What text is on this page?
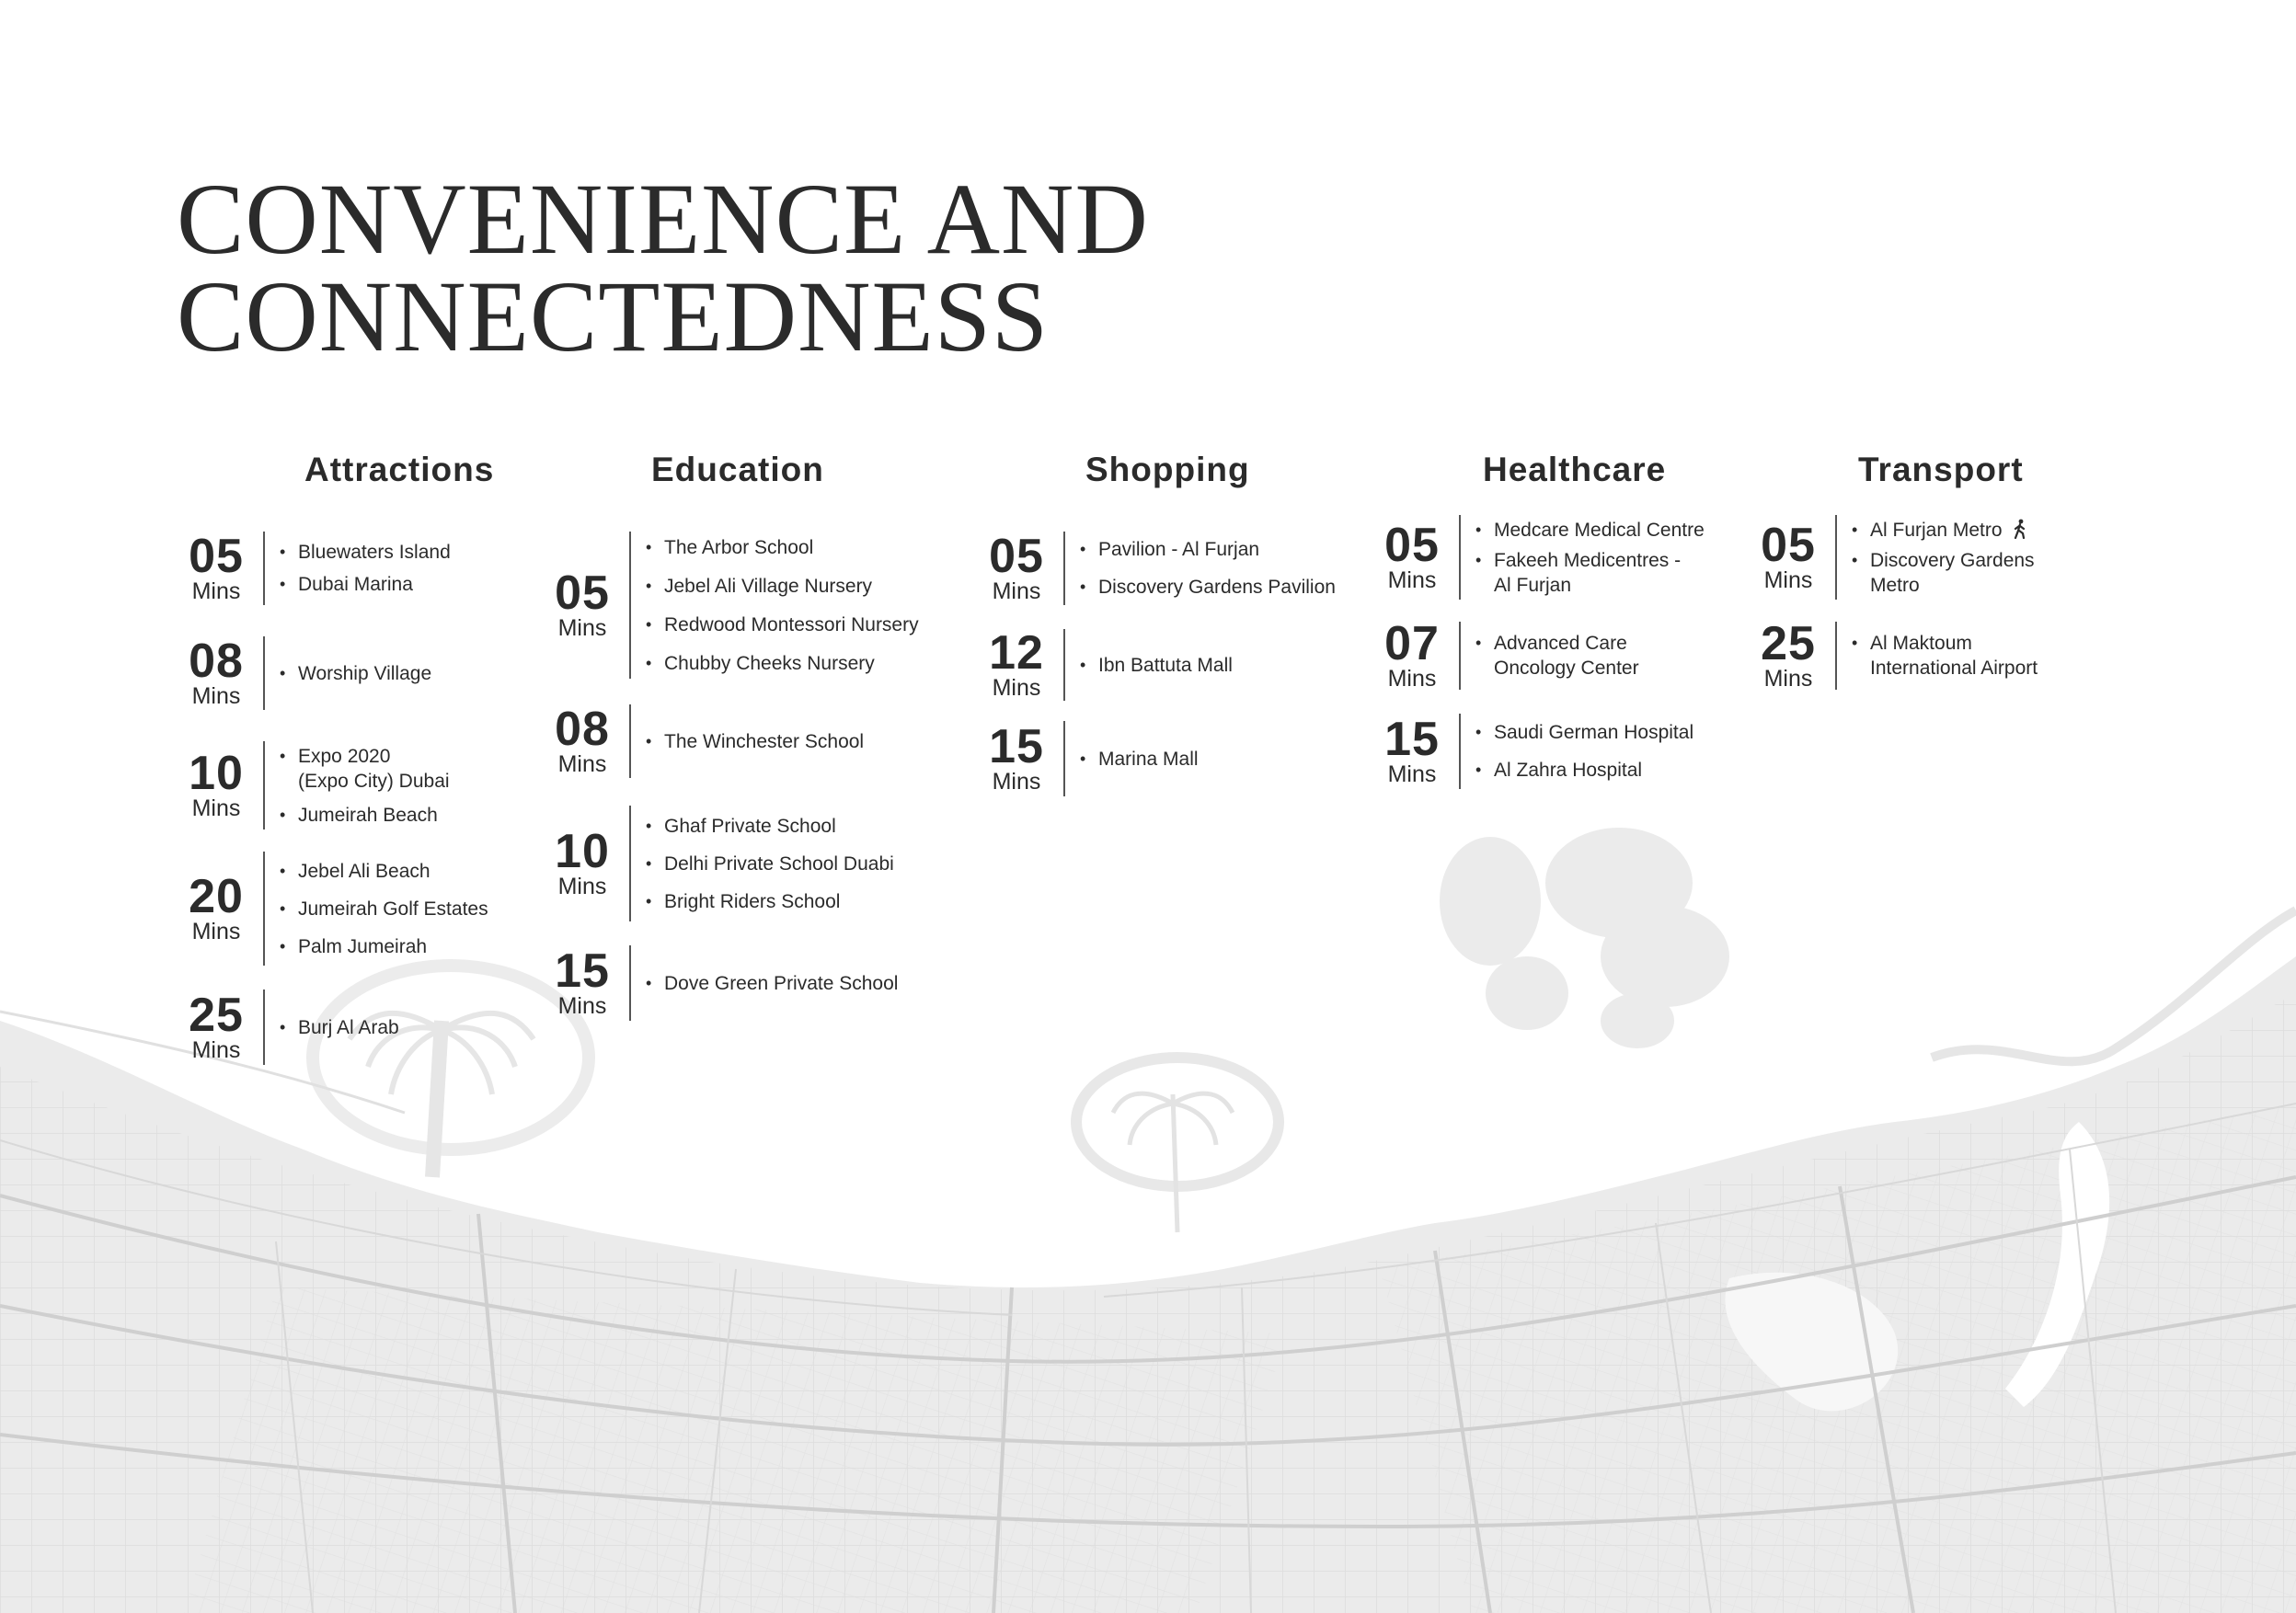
CONVENIENCE AND
CONNECTEDNESS
Attractions	Education	Shopping	Healthcare	Transport
05
Mins
• Bluewaters Island
• Dubai Marina
08
Mins
• Worship Village
10
Mins
• Expo 2020
(Expo City) Dubai
• Jumeirah Beach
20
Mins
• Jebel Ali Beach
• Jumeirah Golf Estates
• Palm Jumeirah
25
Mins
• Burj Al Arab
05
Mins
• The Arbor School
• Jebel Ali Village Nursery
• Redwood Montessori Nursery
• Chubby Cheeks Nursery
08
Mins
• The Winchester School
10
Mins
• Ghaf Private School
• Delhi Private School Duabi
• Bright Riders School
15
Mins
• Dove Green Private School
05
Mins
• Pavilion - Al Furjan
• Discovery Gardens Pavilion
12
Mins
• Ibn Battuta Mall
15
Mins
• Marina Mall
05
Mins
• Medcare Medical Centre
• Fakeeh Medicentres -
Al Furjan
07
Mins
• Advanced Care
Oncology Center
15
Mins
• Saudi German Hospital
• Al Zahra Hospital
05
Mins
• Al Furjan Metro
• Discovery Gardens
Metro
25
Mins
• Al Maktoum
International Airport
